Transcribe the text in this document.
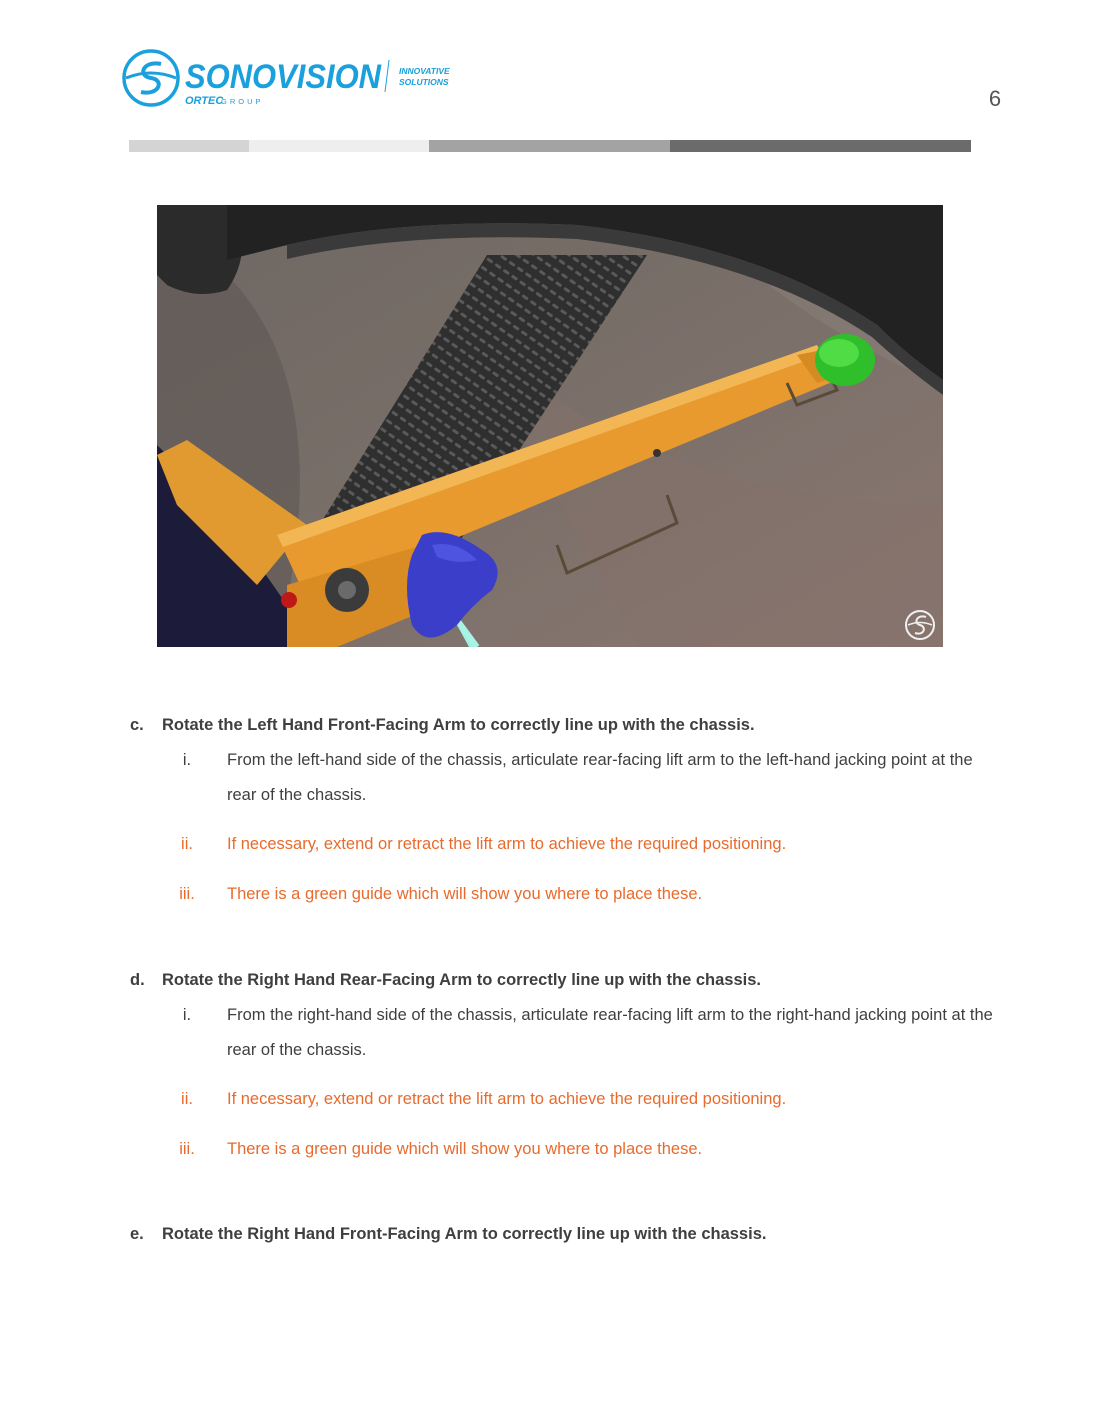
SONOVISION INNOVATIVE
SOLUTIONS
ORTEC
GROUP	6
c. Rotate the Left Hand Front-Facing Arm to correctly line up with the chassis.
i.	From the left-hand side of the chassis, articulate rear-facing lift arm to the left-hand jacking point at the rear of the chassis.
ii.	If necessary, extend or retract the lift arm to achieve the required positioning.
iii. There is a green guide which will show you where to place these.
d. Rotate the Right Hand Rear-Facing Arm to correctly line up with the chassis.
i.	From the right-hand side of the chassis, articulate rear-facing lift arm to the right-hand jacking point at the rear of the chassis.
ii.	If necessary, extend or retract the lift arm to achieve the required positioning.
iii. There is a green guide which will show you where to place these.
e. Rotate the Right Hand Front-Facing Arm to correctly line up with the chassis.
